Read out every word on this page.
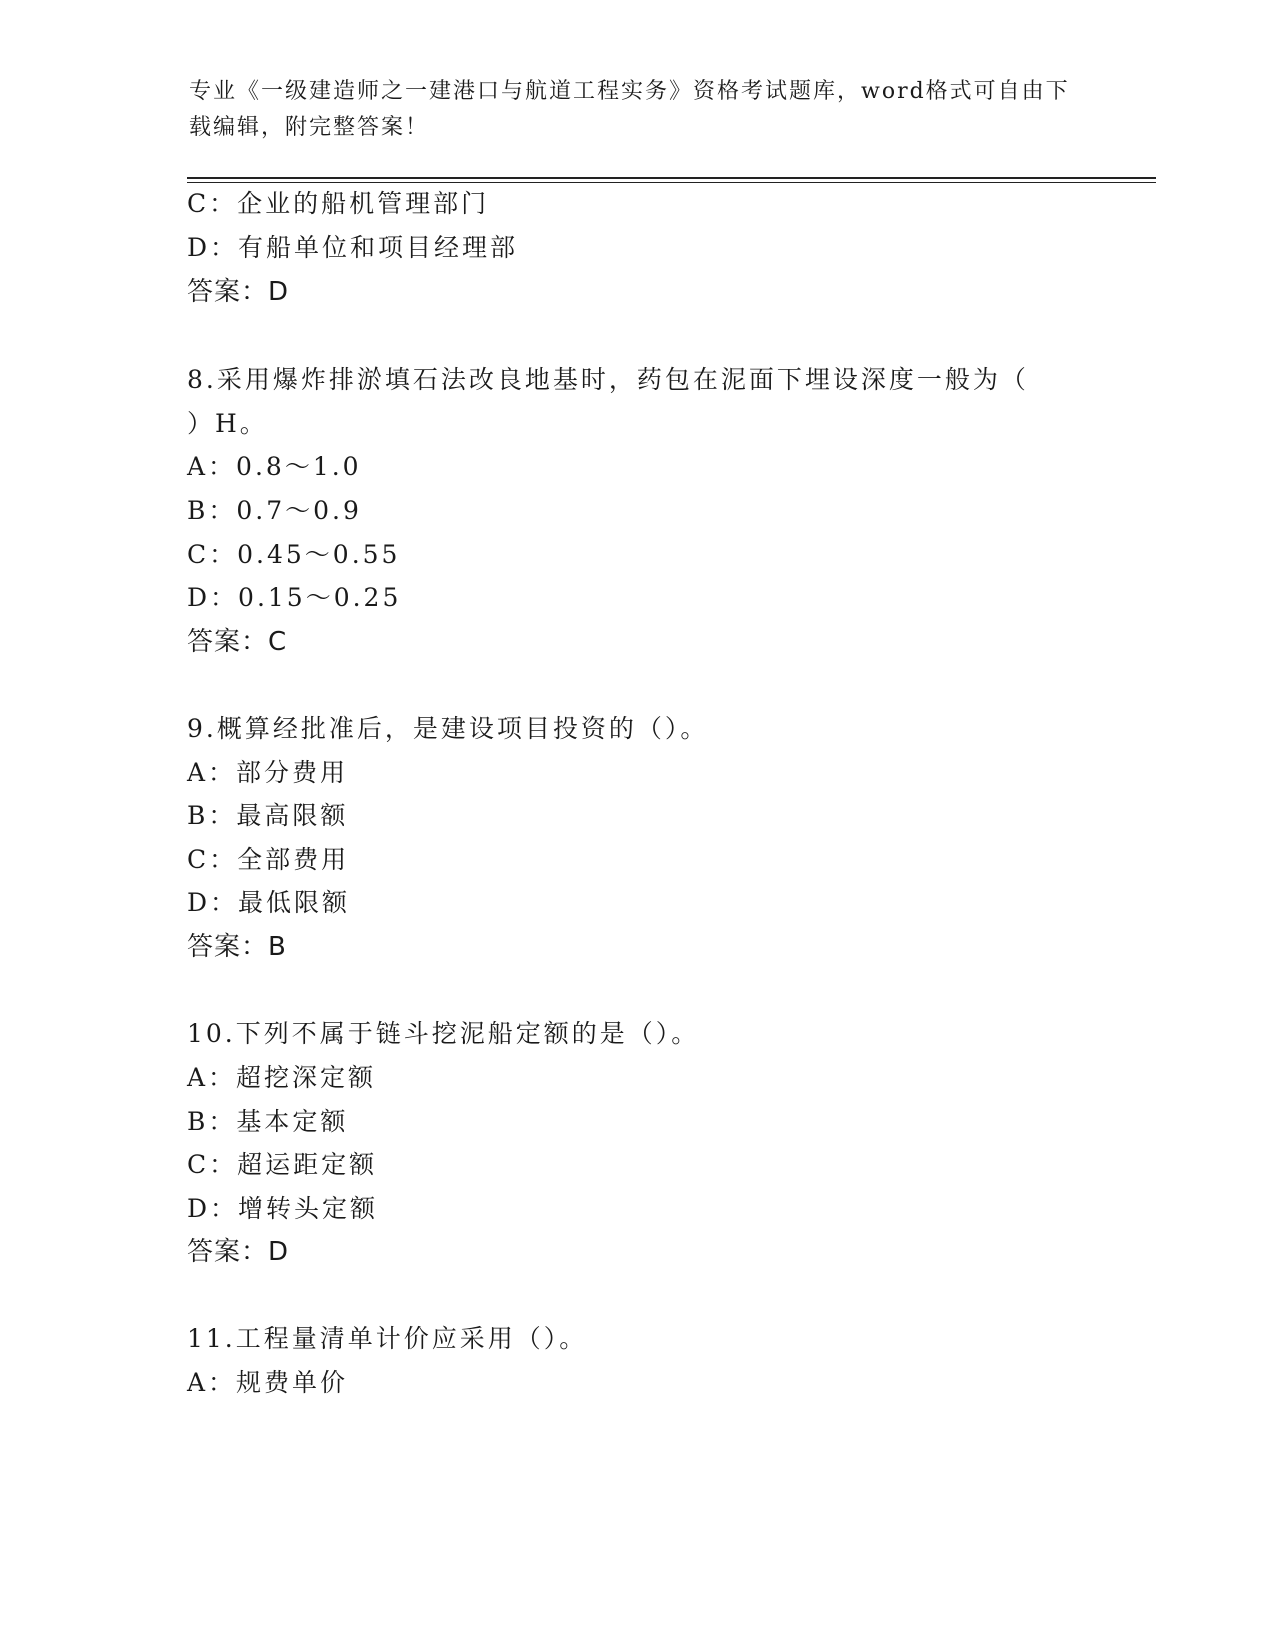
专业《一级建造师之一建港口与航道工程实务》资格考试题库，word格式可自由下载编辑，附完整答案！
C：企业的船机管理部门
D：有船单位和项目经理部
答案：D
8.采用爆炸排淤填石法改良地基时，药包在泥面下埋设深度一般为（
）H。
A：0.8～1.0
B：0.7～0.9
C：0.45～0.55
D：0.15～0.25
答案：C
9.概算经批准后，是建设项目投资的（）。
A：部分费用
B：最高限额
C：全部费用
D：最低限额
答案：B
10.下列不属于链斗挖泥船定额的是（）。
A：超挖深定额
B：基本定额
C：超运距定额
D：增转头定额
答案：D
11.工程量清单计价应采用（）。
A：规费单价
